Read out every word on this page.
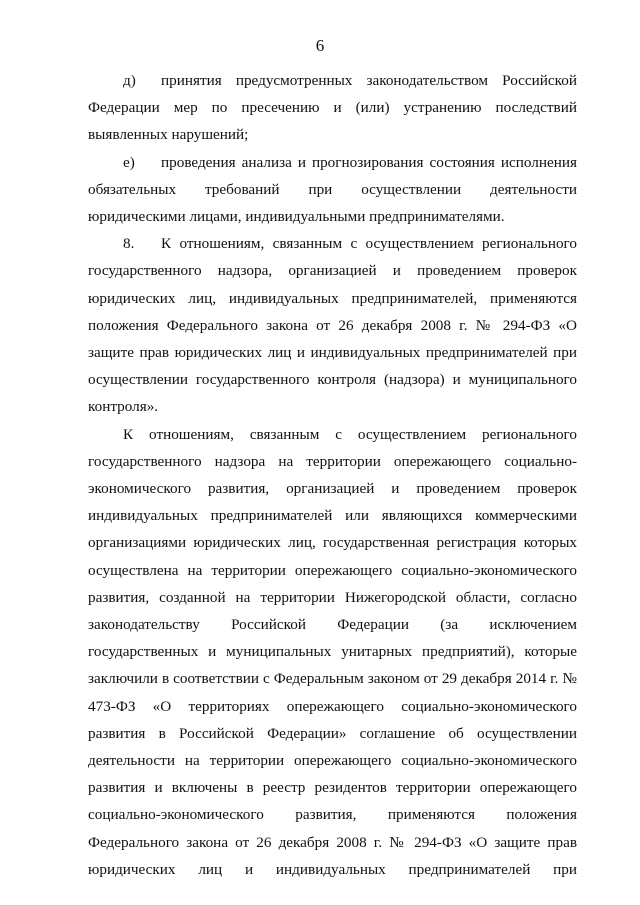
6

д) принятия предусмотренных законодательством Российской Федерации мер по пресечению и (или) устранению последствий выявленных нарушений;

е) проведения анализа и прогнозирования состояния исполнения обязательных требований при осуществлении деятельности юридическими лицами, индивидуальными предпринимателями.

8. К отношениям, связанным с осуществлением регионального государственного надзора, организацией и проведением проверок юридических лиц, индивидуальных предпринимателей, применяются положения Федерального закона от 26 декабря 2008 г. № 294-ФЗ «О защите прав юридических лиц и индивидуальных предпринимателей при осуществлении государственного контроля (надзора) и муниципального контроля».

К отношениям, связанным с осуществлением регионального государственного надзора на территории опережающего социально-экономического развития, организацией и проведением проверок индивидуальных предпринимателей или являющихся коммерческими организациями юридических лиц, государственная регистрация которых осуществлена на территории опережающего социально-экономического развития, созданной на территории Нижегородской области, согласно законодательству Российской Федерации (за исключением государственных и муниципальных унитарных предприятий), которые заключили в соответствии с Федеральным законом от 29 декабря 2014 г. № 473-ФЗ «О территориях опережающего социально-экономического развития в Российской Федерации» соглашение об осуществлении деятельности на территории опережающего социально-экономического развития и включены в реестр резидентов территории опережающего социально-экономического развития, применяются положения Федерального закона от 26 декабря 2008 г. № 294-ФЗ «О защите прав юридических лиц и индивидуальных предпринимателей при
